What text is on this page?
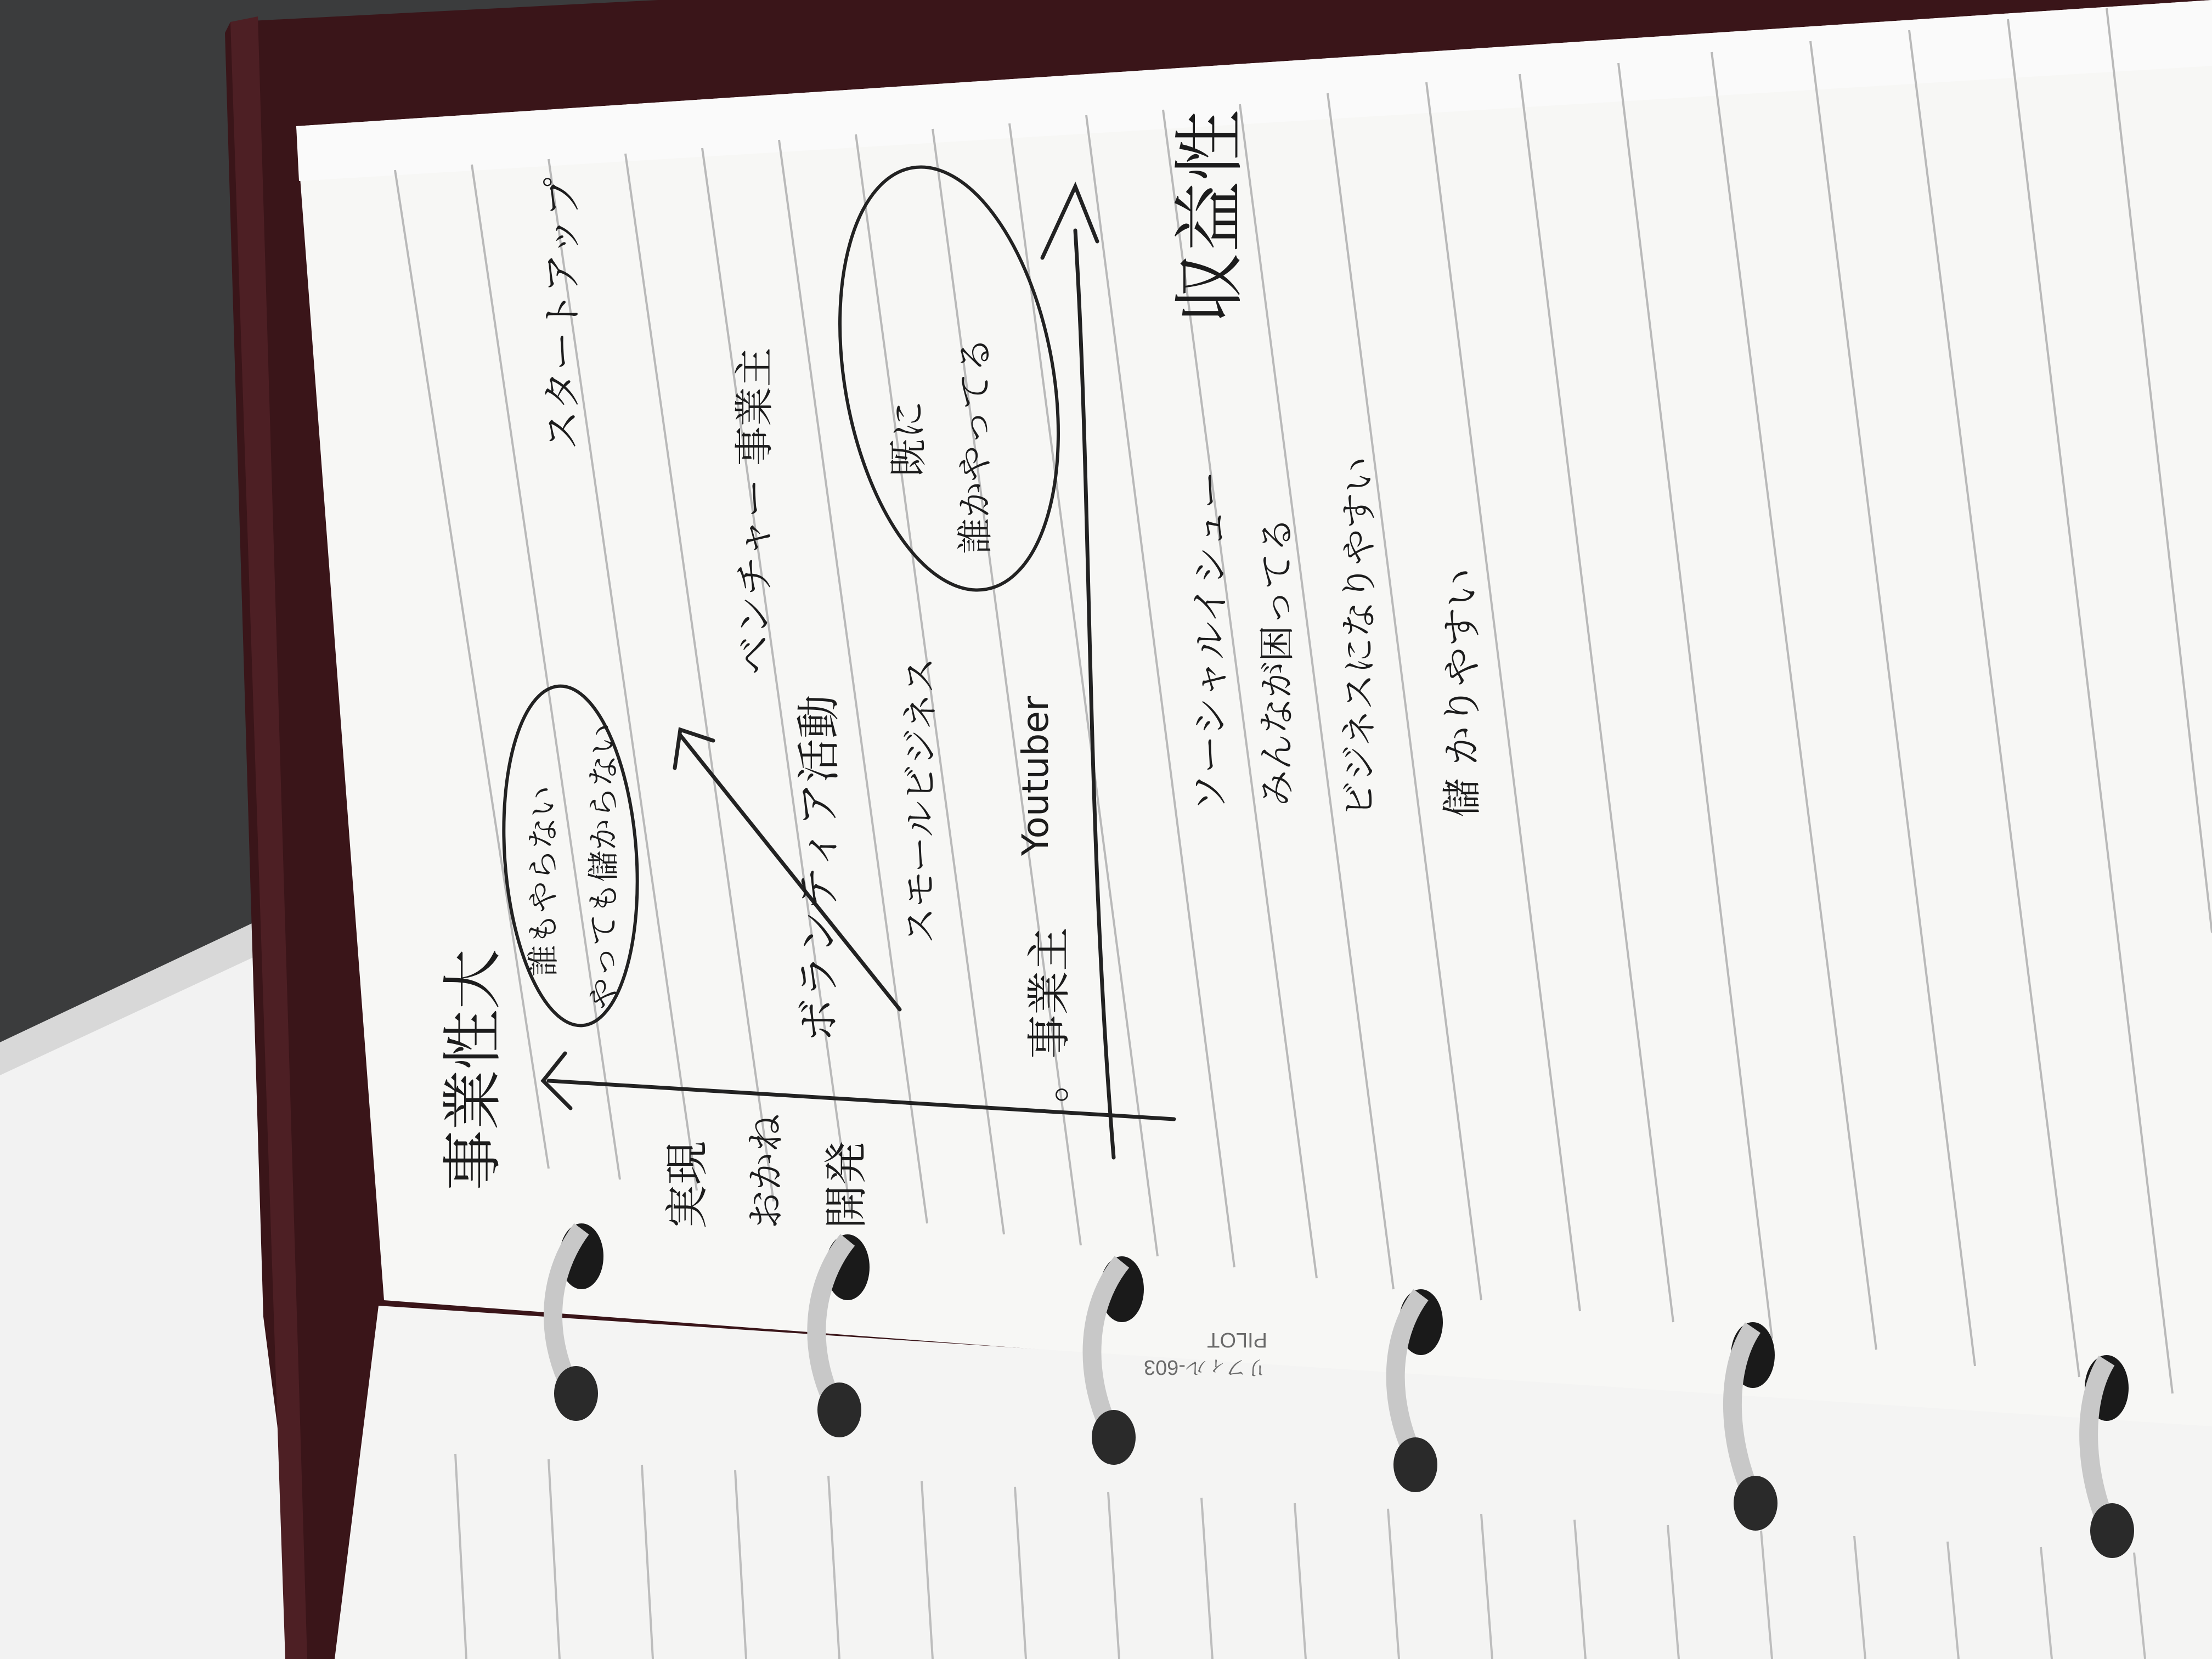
PILOT
リフィル-603
事業性大	実現 おかね 開発
誰もやらない やっても儲からない
。事業主
ボランティア活動 スモールビジネス Youtuber
ベンチャー 事業主
スタートアップ	既に 誰かやってる
収益性
ソーシャルイシュー みんなが困ってる ビジネスになりやすい 儲 かりやすい
